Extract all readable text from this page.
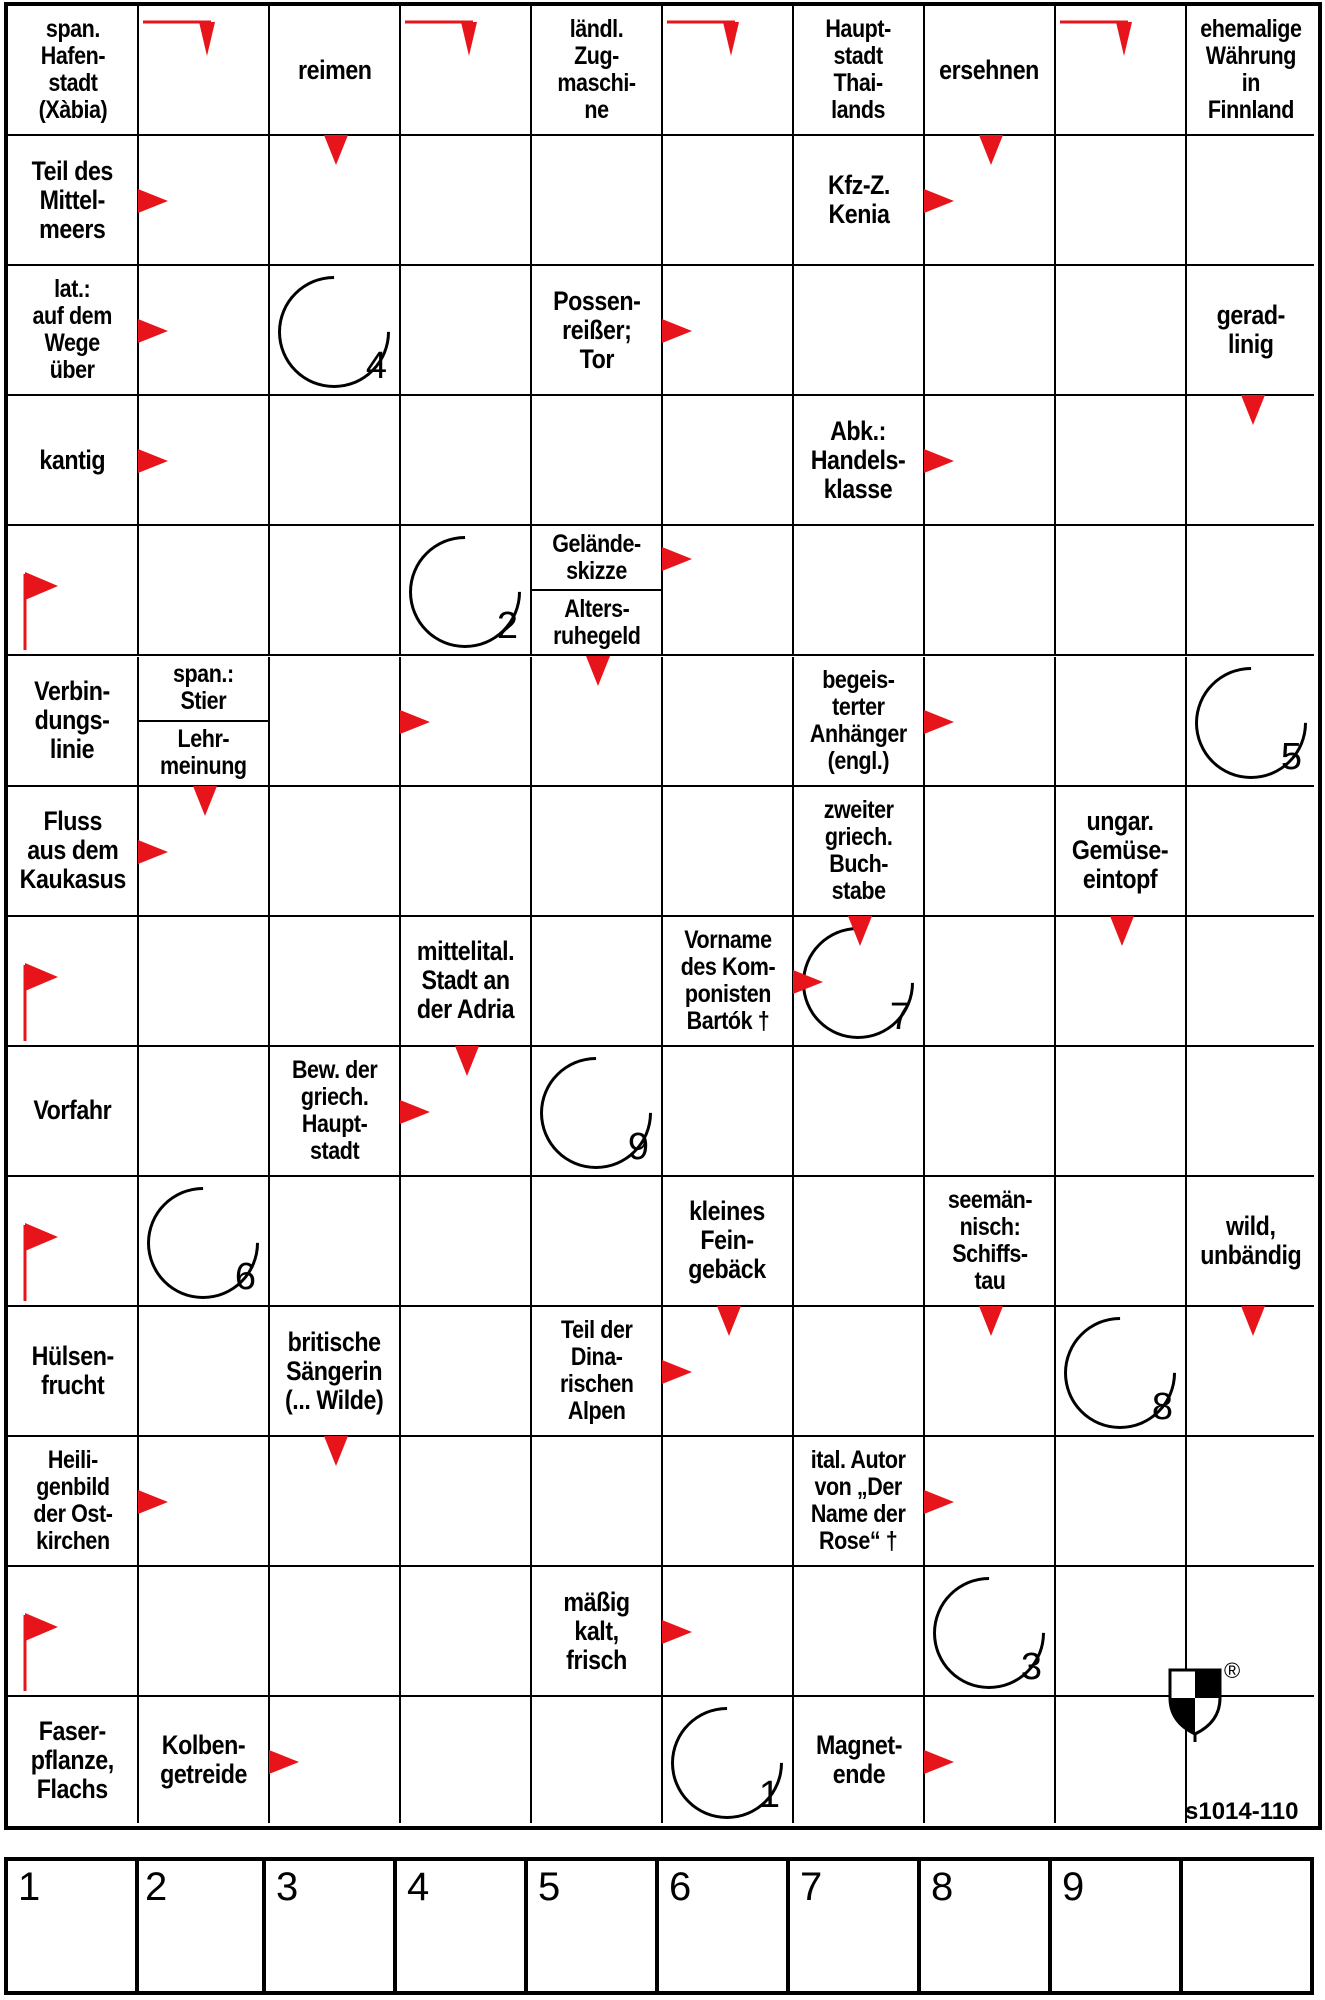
span.
Hafen-
stadt
(Xàbia)
reimen
ländl.
Zug-
maschi-
ne
Haupt-
stadt
Thai-
lands
ersehnen
ehemalige
Währung
in
Finnland
Teil des
Mittel-
meers
Kfz-Z.
Kenia
lat.:
auf dem
Wege
über	4
Possen-
reißer;
Tor
gerad-
linig
kantig
Abk.:
Handels-
klasse
2
Gelände-
skizze
Alters-
ruhegeld
Verbin-
dungs-
linie
span.:
Stier
Lehr-
meinung
begeis-
terter
Anhänger
(engl.)	5
Fluss
aus dem
Kaukasus
zweiter
griech.
Buch-
stabe
ungar.
Gemüse-
eintopf
mittelital.
Stadt an
der Adria
Vorname
des Kom-
ponisten
Bartók †	7
Vorfahr
Bew. der
griech.
Haupt-
stadt	9
6
kleines
Fein-
gebäck
seemän-
nisch:
Schiffs-
tau
wild,
unbändig
Hülsen-
frucht
britische
Sängerin
(... Wilde)
Teil der
Dina-
rischen
Alpen	8
Heili-
genbild
der Ost-
kirchen
ital. Autor
von „Der
Name der
Rose“ †
mäßig
kalt,
frisch	3
Faser-
pflanze,
Flachs
Kolben-
getreide
1
Magnet-
ende
s1014-110
®
1	2	3	4	5	6	7	8	9
